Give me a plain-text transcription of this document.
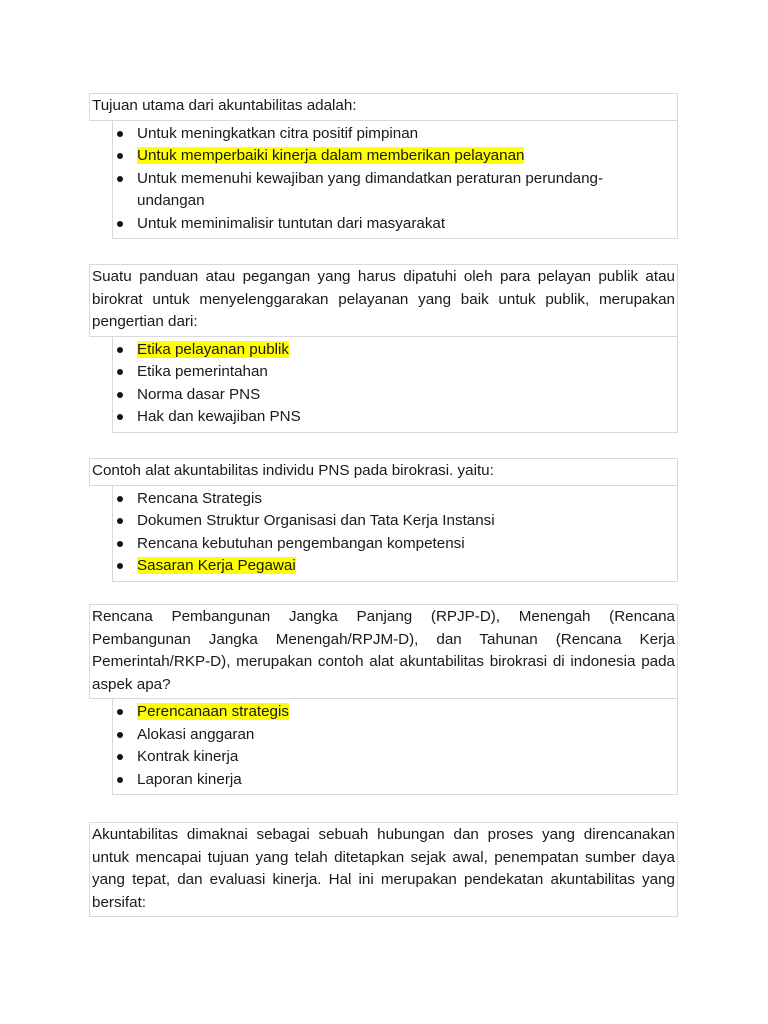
Tujuan utama dari akuntabilitas adalah:
Untuk meningkatkan citra positif pimpinan
Untuk memperbaiki kinerja dalam memberikan pelayanan
Untuk memenuhi kewajiban yang dimandatkan peraturan perundang-undangan
Untuk meminimalisir tuntutan dari masyarakat
Suatu panduan atau pegangan yang harus dipatuhi oleh para pelayan publik atau birokrat untuk menyelenggarakan pelayanan yang baik untuk publik, merupakan pengertian dari:
Etika pelayanan publik
Etika pemerintahan
Norma dasar PNS
Hak dan kewajiban PNS
Contoh alat akuntabilitas individu PNS pada birokrasi. yaitu:
Rencana Strategis
Dokumen Struktur Organisasi dan Tata Kerja Instansi
Rencana kebutuhan pengembangan kompetensi
Sasaran Kerja Pegawai
Rencana Pembangunan Jangka Panjang (RPJP-D), Menengah (Rencana Pembangunan Jangka Menengah/RPJM-D), dan Tahunan (Rencana Kerja Pemerintah/RKP-D), merupakan contoh alat akuntabilitas birokrasi di indonesia pada aspek apa?
Perencanaan strategis
Alokasi anggaran
Kontrak kinerja
Laporan kinerja
Akuntabilitas dimaknai sebagai sebuah hubungan dan proses yang direncanakan untuk mencapai tujuan yang telah ditetapkan sejak awal, penempatan sumber daya yang tepat, dan evaluasi kinerja. Hal ini merupakan pendekatan akuntabilitas yang bersifat:
